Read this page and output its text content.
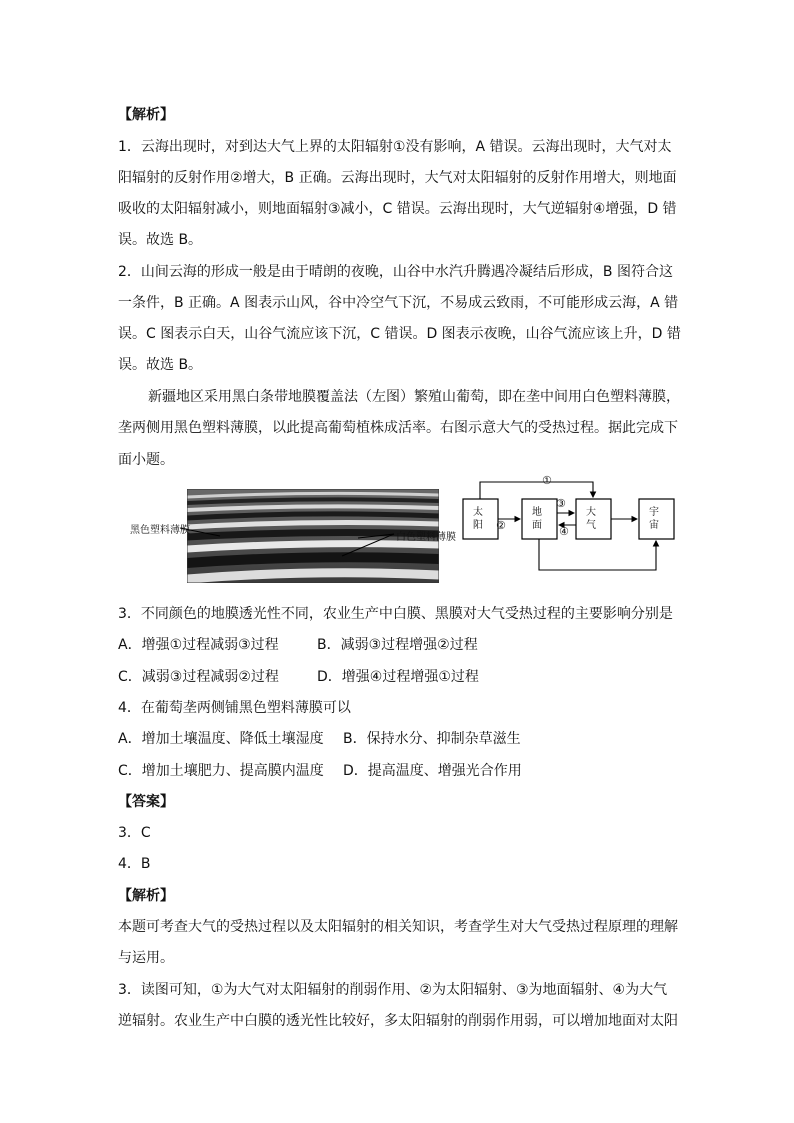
【解析】
1．云海出现时，对到达大气上界的太阳辐射①没有影响，A 错误。云海出现时，大气对太
阳辐射的反射作用②增大，B 正确。云海出现时，大气对太阳辐射的反射作用增大，则地面
吸收的太阳辐射减小，则地面辐射③减小，C 错误。云海出现时，大气逆辐射④增强，D 错
误。故选 B。
2．山间云海的形成一般是由于晴朗的夜晚，山谷中水汽升腾遇冷凝结后形成，B 图符合这
一条件，B 正确。A 图表示山风，谷中冷空气下沉，不易成云致雨，不可能形成云海，A 错
误。C 图表示白天，山谷气流应该下沉，C 错误。D 图表示夜晚，山谷气流应该上升，D 错
误。故选 B。
新疆地区采用黑白条带地膜覆盖法（左图）繁殖山葡萄，即在垄中间用白色塑料薄膜，
垄两侧用黑色塑料薄膜，以此提高葡萄植株成活率。右图示意大气的受热过程。据此完成下
面小题。
黑色塑料薄膜
白色塑料薄膜
太
阳
地
面
大
气
宇
宙
①
②
③
④
3．不同颜色的地膜透光性不同，农业生产中白膜、黑膜对大气受热过程的主要影响分别是
A．增强①过程减弱③过程	B．减弱③过程增强②过程
C．减弱③过程减弱②过程	D．增强④过程增强①过程
4．在葡萄垄两侧铺黑色塑料薄膜可以
A．增加土壤温度、降低土壤湿度 B．保持水分、抑制杂草滋生
C．增加土壤肥力、提高膜内温度 D．提高温度、增强光合作用
【答案】
3．C
4．B
【解析】
本题可考查大气的受热过程以及太阳辐射的相关知识，考查学生对大气受热过程原理的理解
与运用。
3．读图可知，①为大气对太阳辐射的削弱作用、②为太阳辐射、③为地面辐射、④为大气
逆辐射。农业生产中白膜的透光性比较好，多太阳辐射的削弱作用弱，可以增加地面对太阳
